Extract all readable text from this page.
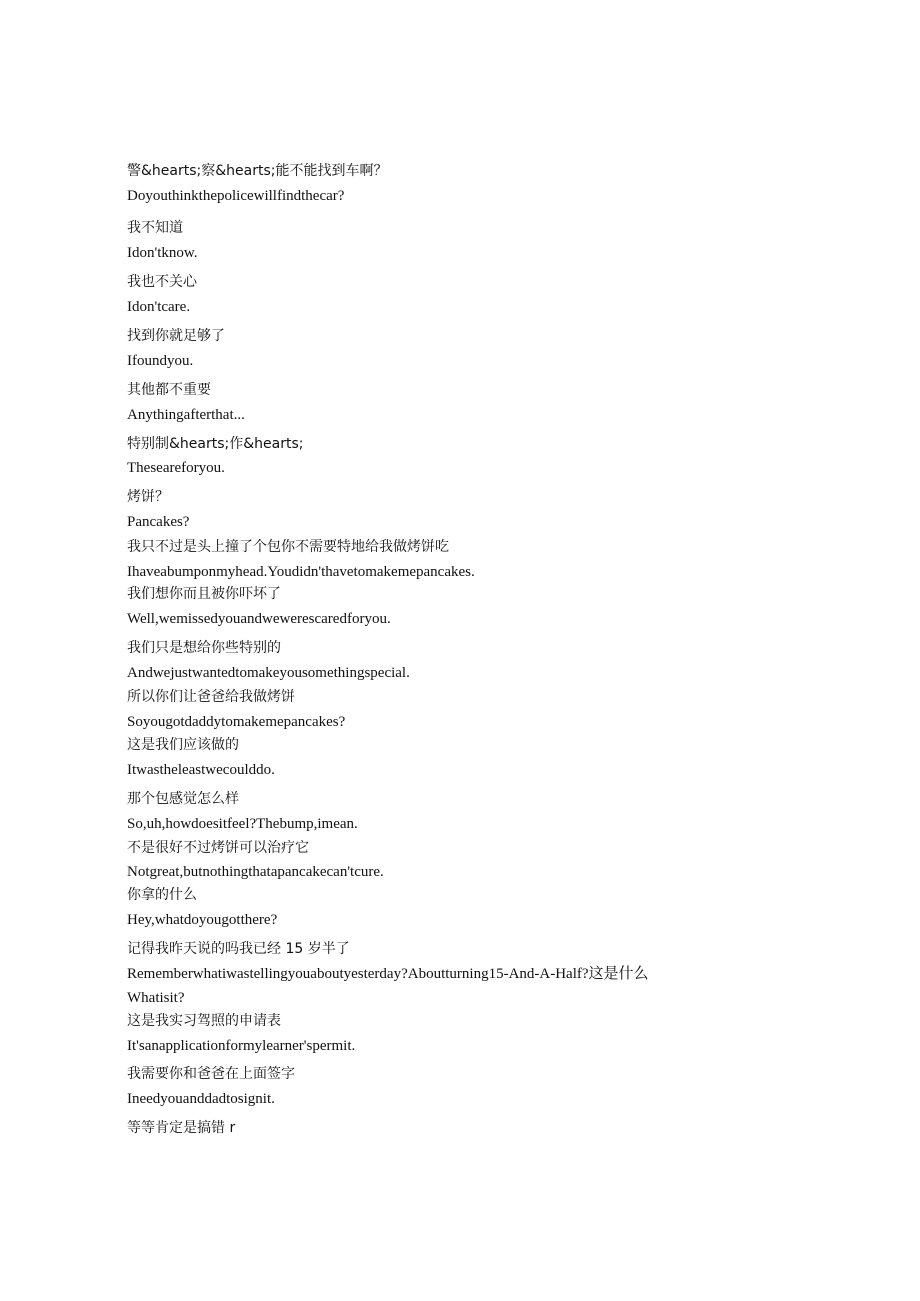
警&hearts;察&hearts;能不能找到车啊？
Doyouthinkthepolicewillfindthecar?
我不知道
Idon'tknow.
我也不关心
Idon'tcare.
找到你就足够了
Ifoundyou.
其他都不重要
Anythingafterthat...
特别制&hearts;作&hearts;
Theseareforyou.
烤饼？
Pancakes?
我只不过是头上撞了个包你不需要特地给我做烤饼吃
Ihaveabumponmyhead.Youdidn'thavetomakemepancakes.
我们想你而且被你吓坏了
Well,wemissedyouandwewerescaredforyou.
我们只是想给你些特别的
Andwejustwantedtomakeyousomethingspecial.
所以你们让爸爸给我做烤饼
Soyougotdaddytomakemepancakes?
这是我们应该做的
Itwastheleastwecoulddo.
那个包感觉怎么样
So,uh,howdoesitfeel?Thebump,imean.
不是很好不过烤饼可以治疗它
Notgreat,butnothingthatapancakecan'tcure.
你拿的什么
Hey,whatdoyougotthere?
记得我昨天说的吗我已经 15 岁半了
Rememberwhatiwastellingyouaboutyesterday?Aboutturning15-And-A-Half?这是什么
Whatisit?
这是我实习驾照的申请表
It'sanapplicationformylearner'spermit.
我需要你和爸爸在上面签字
Ineedyouanddadtosignit.
等等肯定是搞错 r
